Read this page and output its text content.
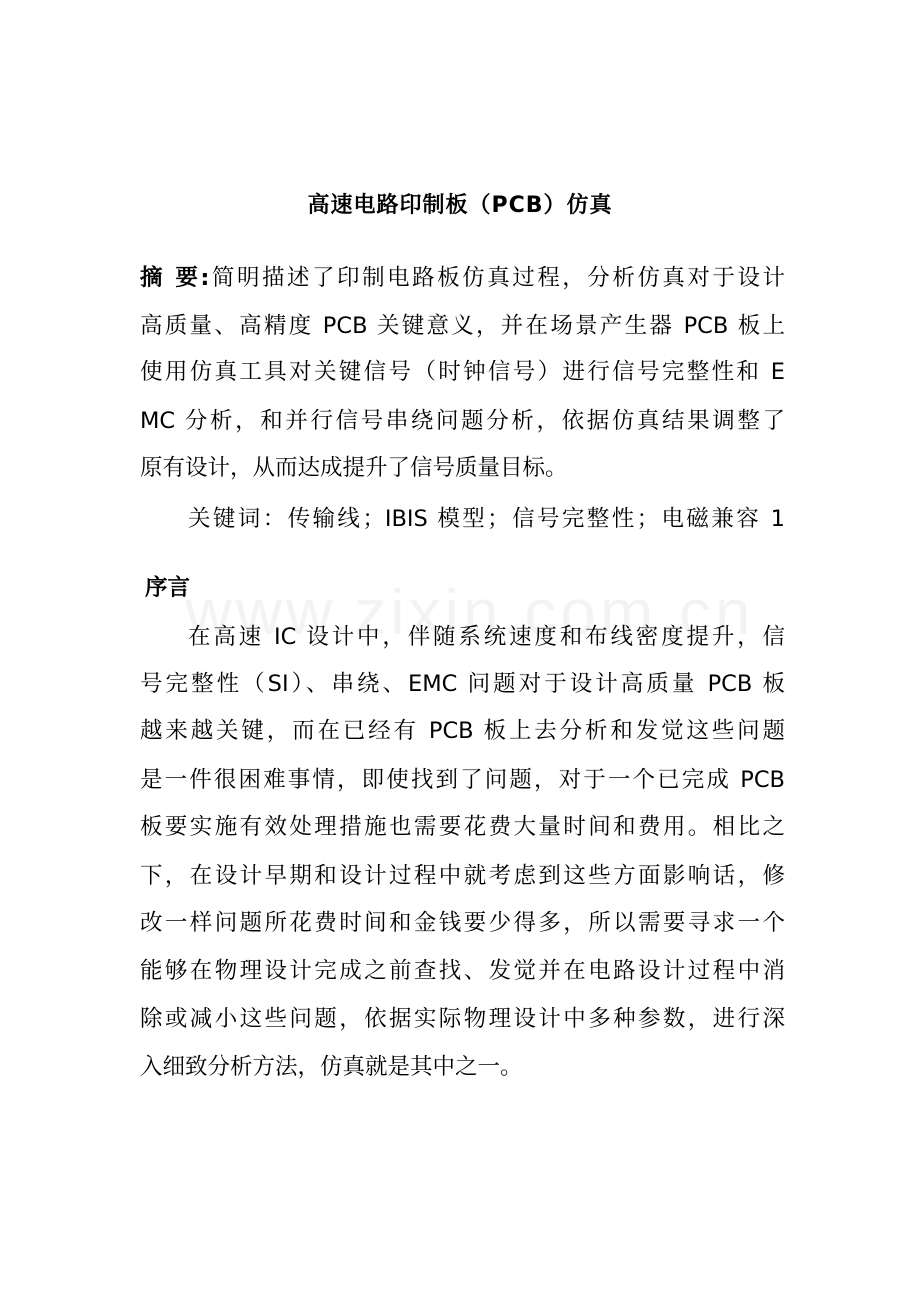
高速电路印制板（PCB）仿真
摘 要:简明描述了印制电路板仿真过程，分析仿真对于设计
高质量、高精度 PCB 关键意义，并在场景产生器 PCB 板上
使用仿真工具对关键信号（时钟信号）进行信号完整性和 E
MC 分析，和并行信号串绕问题分析，依据仿真结果调整了
原有设计，从而达成提升了信号质量目标。
关键词：传输线；IBIS 模型；信号完整性；电磁兼容 1
序言
在高速 IC 设计中，伴随系统速度和布线密度提升，信
号完整性（SI）、串绕、EMC 问题对于设计高质量 PCB 板
越来越关键，而在已经有 PCB 板上去分析和发觉这些问题
是一件很困难事情，即使找到了问题，对于一个已完成 PCB
板要实施有效处理措施也需要花费大量时间和费用。相比之
下，在设计早期和设计过程中就考虑到这些方面影响话，修
改一样问题所花费时间和金钱要少得多，所以需要寻求一个
能够在物理设计完成之前查找、发觉并在电路设计过程中消
除或减小这些问题，依据实际物理设计中多种参数，进行深
入细致分析方法，仿真就是其中之一。
